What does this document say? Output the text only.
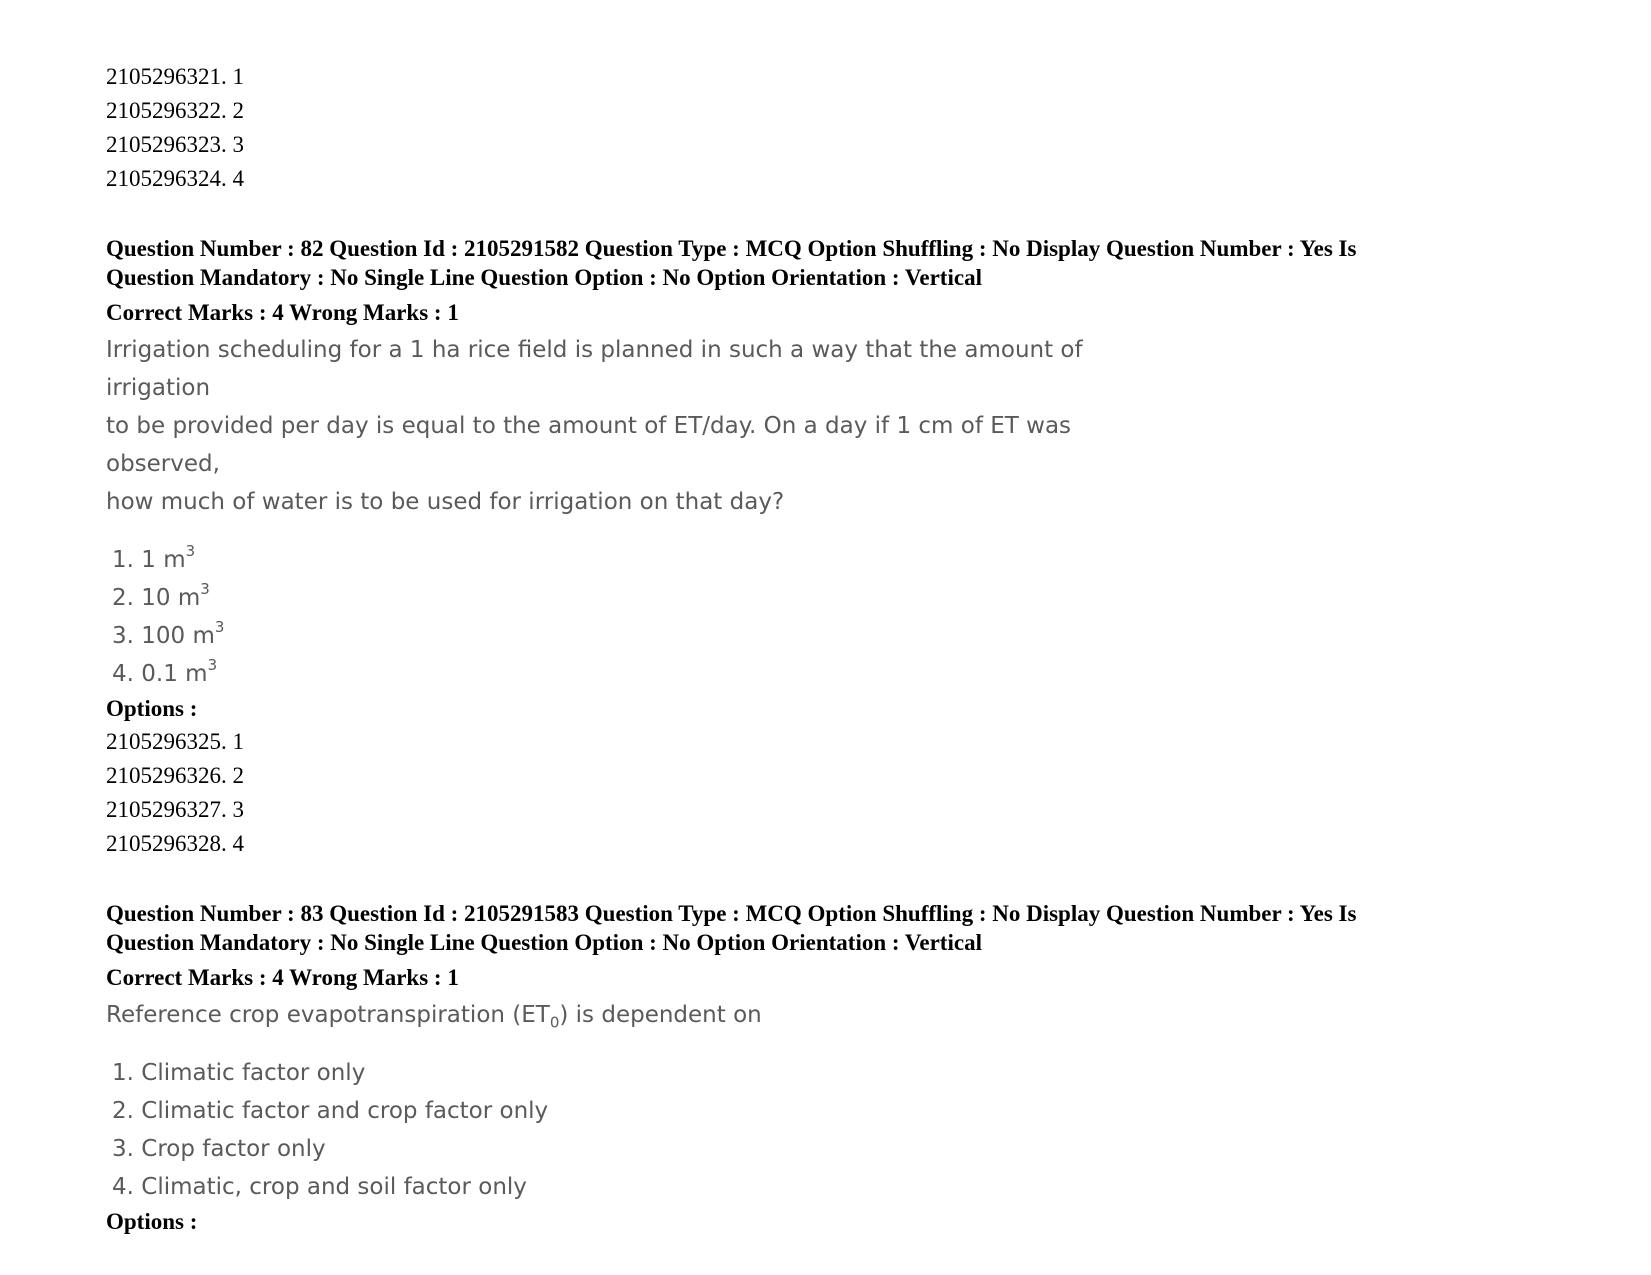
2105296321. 1

2105296322. 2

2105296323. 3

2105296324. 4

Question Number : 82 Question Id : 2105291582 Question Type : MCQ Option Shuffling : No Display Question Number : Yes Is

Question Mandatory : No Single Line Question Option : No Option Orientation : Vertical

Correct Marks : 4 Wrong Marks : 1

Irrigation scheduling for a 1 ha rice field is planned in such a way that the amount of irrigation
to be provided per day is equal to the amount of ET/day. On a day if 1 cm of ET was observed,
how much of water is to be used for irrigation on that day?
1. 1 $m^3$
2. 10 $m^3$
3. 100 $m^3$
4. 0.1 $m^3$

Options :

2105296325. 1

2105296326. 2

2105296327. 3

2105296328. 4

Question Number : 83 Question Id : 2105291583 Question Type : MCQ Option Shuffling : No Display Question Number : Yes Is

Question Mandatory : No Single Line Question Option : No Option Orientation : Vertical

Correct Marks : 4 Wrong Marks : 1

Reference crop evapotranspiration $(ET_0)$ is dependent on
1. Climatic factor only
2. Climatic factor and crop factor only
3. Crop factor only
4. Climatic, crop and soil factor only

Options :
